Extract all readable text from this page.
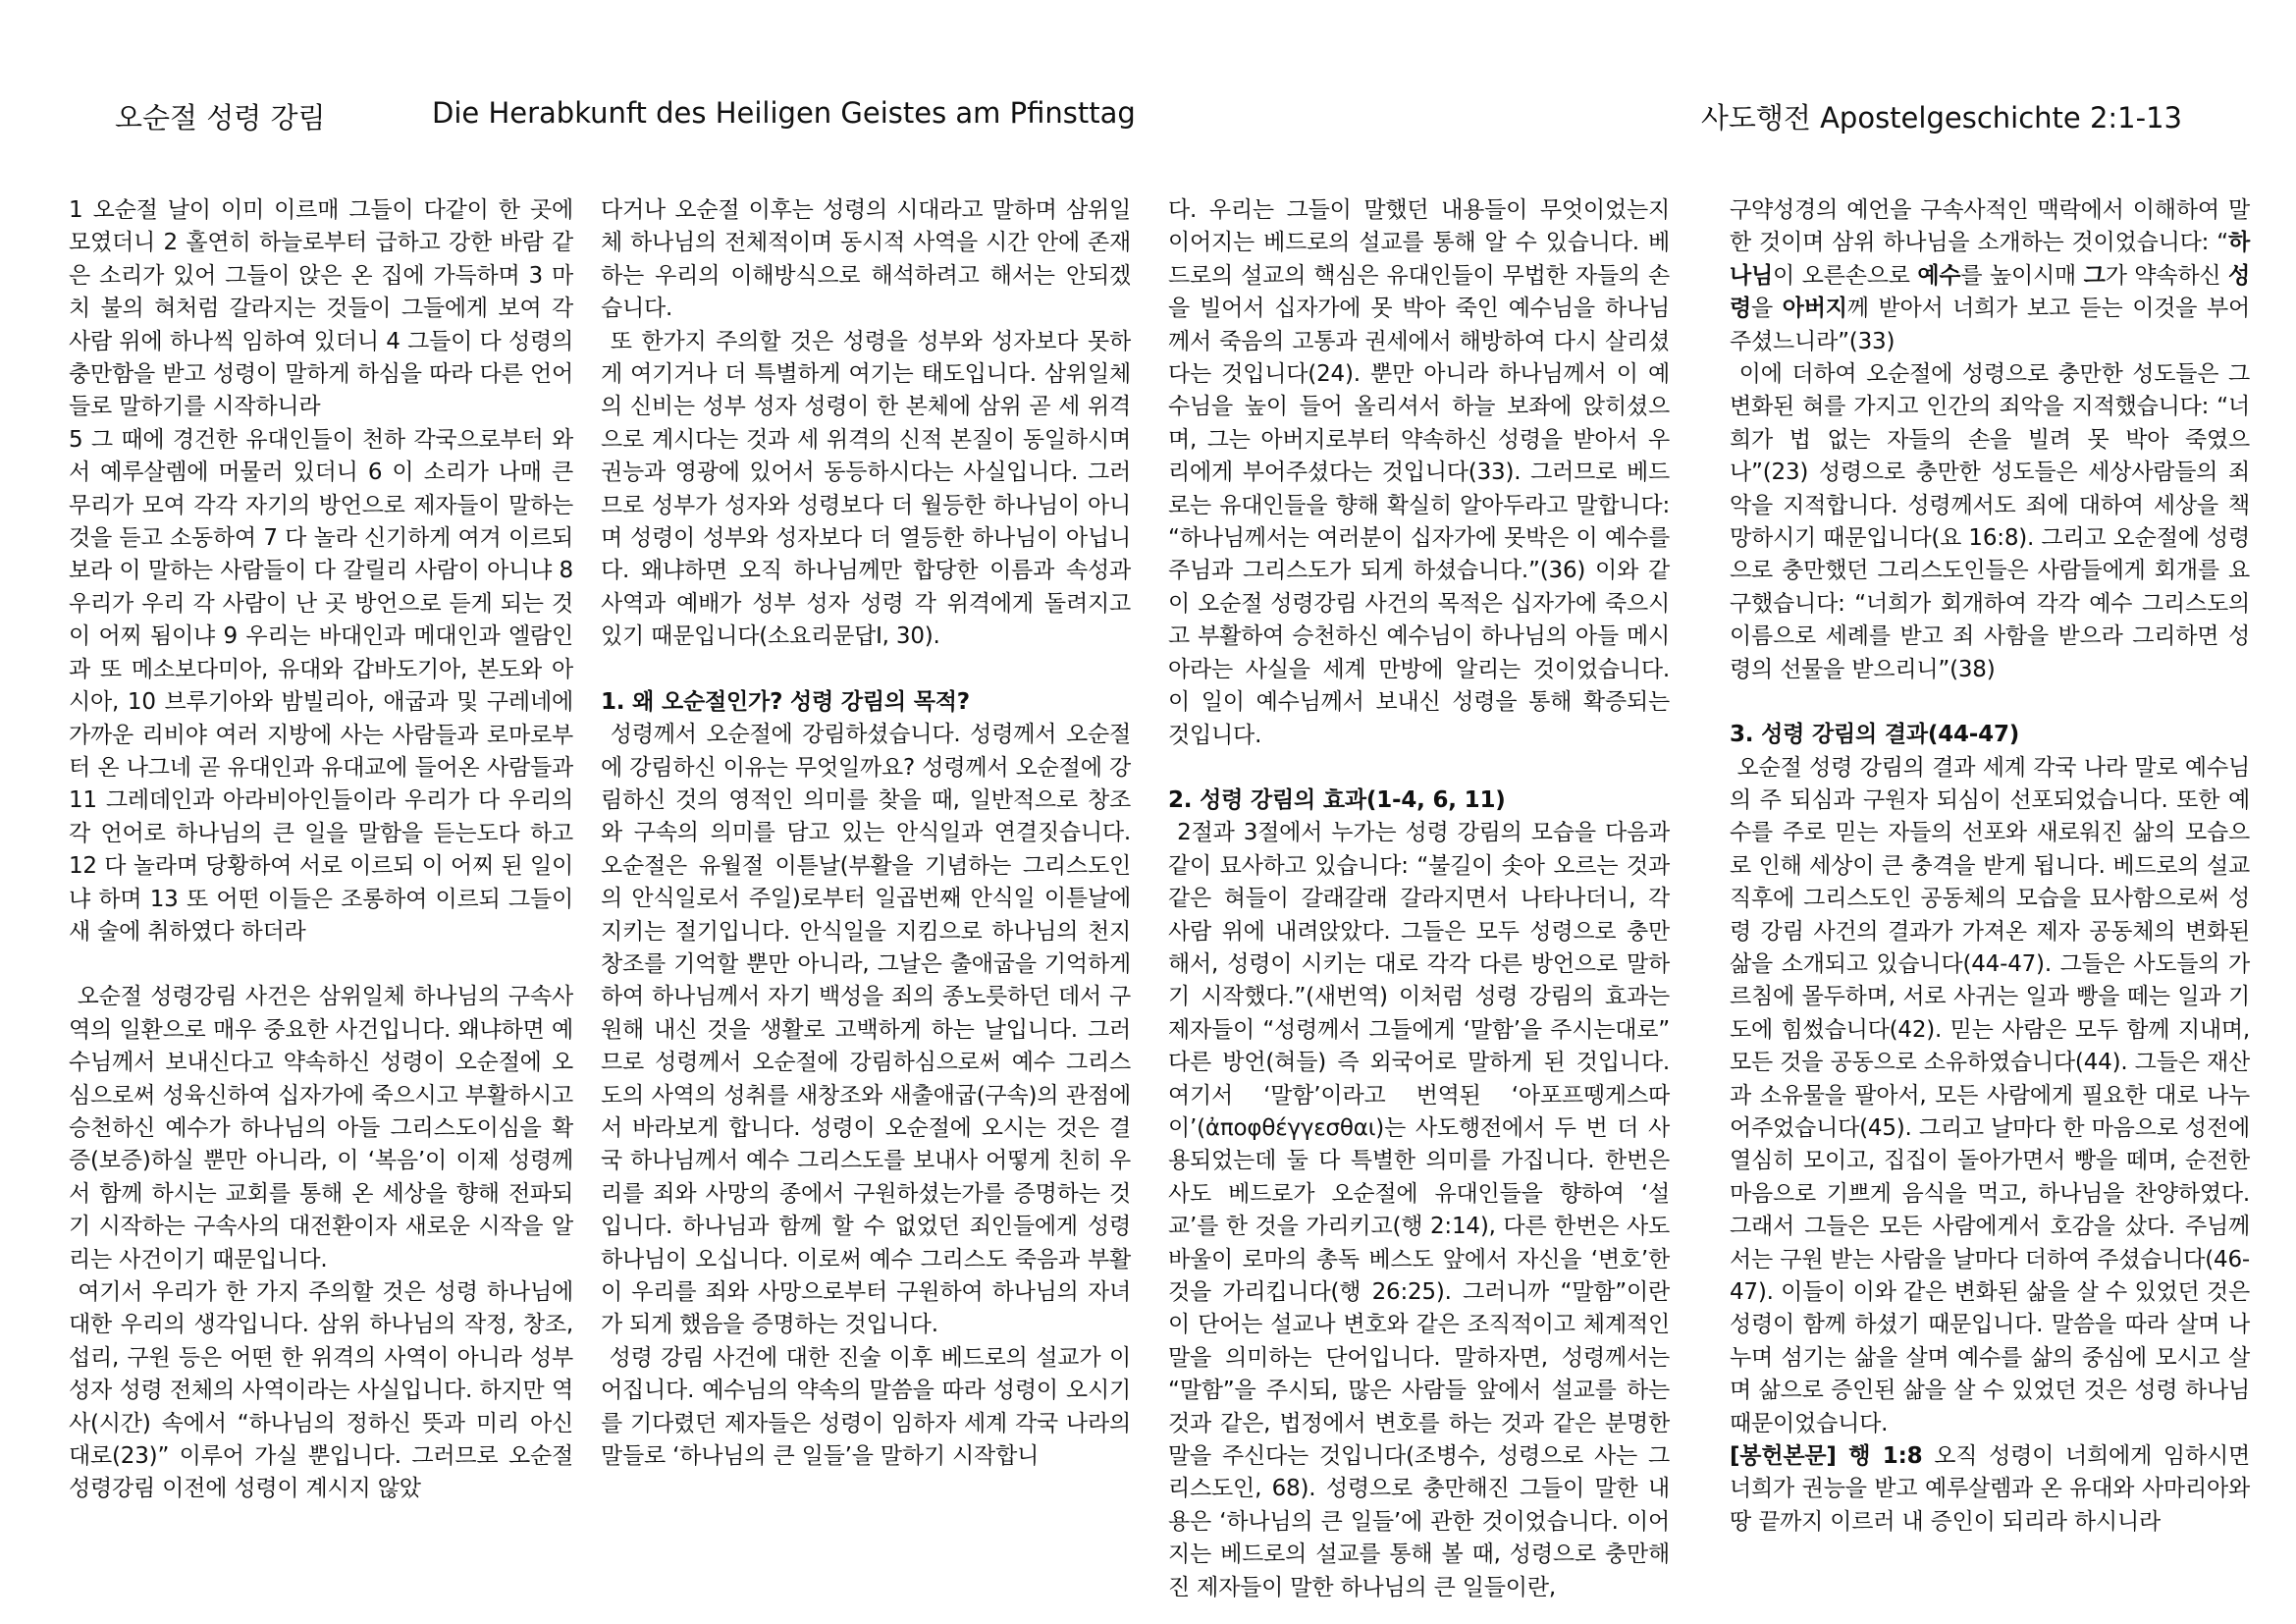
오순절 성령 강림	Die Herabkunft des Heiligen Geistes am Pfinsttag	사도행전 Apostelgeschichte 2:1-13

1 오순절 날이 이미 이르매 그들이 다같이 한 곳에 모였더니 2 홀연히 하늘로부터 급하고 강한 바람 같은 소리가 있어 그들이 앉은 온 집에 가득하며 3 마치 불의 혀처럼 갈라지는 것들이 그들에게 보여 각 사람 위에 하나씩 임하여 있더니 4 그들이 다 성령의 충만함을 받고 성령이 말하게 하심을 따라 다른 언어들로 말하기를 시작하니라

5 그 때에 경건한 유대인들이 천하 각국으로부터 와서 예루살렘에 머물러 있더니 6 이 소리가 나매 큰 무리가 모여 각각 자기의 방언으로 제자들이 말하는 것을 듣고 소동하여 7 다 놀라 신기하게 여겨 이르되 보라 이 말하는 사람들이 다 갈릴리 사람이 아니냐 8 우리가 우리 각 사람이 난 곳 방언으로 듣게 되는 것이 어찌 됨이냐 9 우리는 바대인과 메대인과 엘람인과 또 메소보다미아, 유대와 갑바도기아, 본도와 아시아, 10 브루기아와 밤빌리아, 애굽과 및 구레네에 가까운 리비야 여러 지방에 사는 사람들과 로마로부터 온 나그네 곧 유대인과 유대교에 들어온 사람들과 11 그레데인과 아라비아인들이라 우리가 다 우리의 각 언어로 하나님의 큰 일을 말함을 듣는도다 하고 12 다 놀라며 당황하여 서로 이르되 이 어찌 된 일이냐 하며 13 또 어떤 이들은 조롱하여 이르되 그들이 새 술에 취하였다 하더라

오순절 성령강림 사건은 삼위일체 하나님의 구속사역의 일환으로 매우 중요한 사건입니다. 왜냐하면 예수님께서 보내신다고 약속하신 성령이 오순절에 오심으로써 성육신하여 십자가에 죽으시고 부활하시고 승천하신 예수가 하나님의 아들 그리스도이심을 확증(보증)하실 뿐만 아니라, 이 ‘복음’이 이제 성령께서 함께 하시는 교회를 통해 온 세상을 향해 전파되기 시작하는 구속사의 대전환이자 새로운 시작을 알리는 사건이기 때문입니다.

여기서 우리가 한 가지 주의할 것은 성령 하나님에 대한 우리의 생각입니다. 삼위 하나님의 작정, 창조, 섭리, 구원 등은 어떤 한 위격의 사역이 아니라 성부 성자 성령 전체의 사역이라는 사실입니다. 하지만 역사(시간) 속에서 “하나님의 정하신 뜻과 미리 아신 대로(23)” 이루어 가실 뿐입니다. 그러므로 오순절 성령강림 이전에 성령이 계시지 않았

다거나 오순절 이후는 성령의 시대라고 말하며 삼위일체 하나님의 전체적이며 동시적 사역을 시간 안에 존재하는 우리의 이해방식으로 해석하려고 해서는 안되겠습니다.

또 한가지 주의할 것은 성령을 성부와 성자보다 못하게 여기거나 더 특별하게 여기는 태도입니다. 삼위일체의 신비는 성부 성자 성령이 한 본체에 삼위 곧 세 위격으로 계시다는 것과 세 위격의 신적 본질이 동일하시며 권능과 영광에 있어서 동등하시다는 사실입니다. 그러므로 성부가 성자와 성령보다 더 월등한 하나님이 아니며 성령이 성부와 성자보다 더 열등한 하나님이 아닙니다. 왜냐하면 오직 하나님께만 합당한 이름과 속성과 사역과 예배가 성부 성자 성령 각 위격에게 돌려지고 있기 때문입니다(소요리문답Ⅰ, 30).

1. 왜 오순절인가? 성령 강림의 목적?

성령께서 오순절에 강림하셨습니다. 성령께서 오순절에 강림하신 이유는 무엇일까요? 성령께서 오순절에 강림하신 것의 영적인 의미를 찾을 때, 일반적으로 창조와 구속의 의미를 담고 있는 안식일과 연결짓습니다. 오순절은 유월절 이튿날(부활을 기념하는 그리스도인의 안식일로서 주일)로부터 일곱번째 안식일 이튿날에 지키는 절기입니다. 안식일을 지킴으로 하나님의 천지창조를 기억할 뿐만 아니라, 그날은 출애굽을 기억하게 하여 하나님께서 자기 백성을 죄의 종노릇하던 데서 구원해 내신 것을 생활로 고백하게 하는 날입니다. 그러므로 성령께서 오순절에 강림하심으로써 예수 그리스도의 사역의 성취를 새창조와 새출애굽(구속)의 관점에서 바라보게 합니다. 성령이 오순절에 오시는 것은 결국 하나님께서 예수 그리스도를 보내사 어떻게 친히 우리를 죄와 사망의 종에서 구원하셨는가를 증명하는 것입니다. 하나님과 함께 할 수 없었던 죄인들에게 성령 하나님이 오십니다. 이로써 예수 그리스도 죽음과 부활이 우리를 죄와 사망으로부터 구원하여 하나님의 자녀가 되게 했음을 증명하는 것입니다.

성령 강림 사건에 대한 진술 이후 베드로의 설교가 이어집니다. 예수님의 약속의 말씀을 따라 성령이 오시기를 기다렸던 제자들은 성령이 임하자 세계 각국 나라의 말들로 ‘하나님의 큰 일들’을 말하기 시작합니

다. 우리는 그들이 말했던 내용들이 무엇이었는지 이어지는 베드로의 설교를 통해 알 수 있습니다. 베드로의 설교의 핵심은 유대인들이 무법한 자들의 손을 빌어서 십자가에 못 박아 죽인 예수님을 하나님께서 죽음의 고통과 권세에서 해방하여 다시 살리셨다는 것입니다(24). 뿐만 아니라 하나님께서 이 예수님을 높이 들어 올리셔서 하늘 보좌에 앉히셨으며, 그는 아버지로부터 약속하신 성령을 받아서 우리에게 부어주셨다는 것입니다(33). 그러므로 베드로는 유대인들을 향해 확실히 알아두라고 말합니다: “하나님께서는 여러분이 십자가에 못박은 이 예수를 주님과 그리스도가 되게 하셨습니다.”(36) 이와 같이 오순절 성령강림 사건의 목적은 십자가에 죽으시고 부활하여 승천하신 예수님이 하나님의 아들 메시아라는 사실을 세계 만방에 알리는 것이었습니다. 이 일이 예수님께서 보내신 성령을 통해 확증되는 것입니다.

2. 성령 강림의 효과(1-4, 6, 11)

2절과 3절에서 누가는 성령 강림의 모습을 다음과 같이 묘사하고 있습니다: “불길이 솟아 오르는 것과 같은 혀들이 갈래갈래 갈라지면서 나타나더니, 각 사람 위에 내려앉았다. 그들은 모두 성령으로 충만해서, 성령이 시키는 대로 각각 다른 방언으로 말하기 시작했다.”(새번역) 이처럼 성령 강림의 효과는 제자들이 “성령께서 그들에게 ‘말함’을 주시는대로” 다른 방언(혀들) 즉 외국어로 말하게 된 것입니다. 여기서 ‘말함’이라고 번역된 ‘아포프뗑게스따이’(ἀποφθέγγεσθαι)는 사도행전에서 두 번 더 사용되었는데 둘 다 특별한 의미를 가집니다. 한번은 사도 베드로가 오순절에 유대인들을 향하여 ‘설교’를 한 것을 가리키고(행 2:14), 다른 한번은 사도 바울이 로마의 총독 베스도 앞에서 자신을 ‘변호’한 것을 가리킵니다(행 26:25). 그러니까 “말함”이란 이 단어는 설교나 변호와 같은 조직적이고 체계적인 말을 의미하는 단어입니다. 말하자면, 성령께서는 “말함”을 주시되, 많은 사람들 앞에서 설교를 하는 것과 같은, 법정에서 변호를 하는 것과 같은 분명한 말을 주신다는 것입니다(조병수, 성령으로 사는 그리스도인, 68). 성령으로 충만해진 그들이 말한 내용은 ‘하나님의 큰 일들’에 관한 것이었습니다. 이어지는 베드로의 설교를 통해 볼 때, 성령으로 충만해진 제자들이 말한 하나님의 큰 일들이란,

구약성경의 예언을 구속사적인 맥락에서 이해하여 말한 것이며 삼위 하나님을 소개하는 것이었습니다: “하나님이 오른손으로 예수를 높이시매 그가 약속하신 성령을 아버지께 받아서 너희가 보고 듣는 이것을 부어 주셨느니라”(33)

이에 더하여 오순절에 성령으로 충만한 성도들은 그 변화된 혀를 가지고 인간의 죄악을 지적했습니다: “너희가 법 없는 자들의 손을 빌려 못 박아 죽였으나”(23) 성령으로 충만한 성도들은 세상사람들의 죄악을 지적합니다. 성령께서도 죄에 대하여 세상을 책망하시기 때문입니다(요 16:8). 그리고 오순절에 성령으로 충만했던 그리스도인들은 사람들에게 회개를 요구했습니다: “너희가 회개하여 각각 예수 그리스도의 이름으로 세례를 받고 죄 사함을 받으라 그리하면 성령의 선물을 받으리니”(38)

3. 성령 강림의 결과(44-47)

오순절 성령 강림의 결과 세계 각국 나라 말로 예수님의 주 되심과 구원자 되심이 선포되었습니다. 또한 예수를 주로 믿는 자들의 선포와 새로워진 삶의 모습으로 인해 세상이 큰 충격을 받게 됩니다. 베드로의 설교 직후에 그리스도인 공동체의 모습을 묘사함으로써 성령 강림 사건의 결과가 가져온 제자 공동체의 변화된 삶을 소개되고 있습니다(44-47). 그들은 사도들의 가르침에 몰두하며, 서로 사귀는 일과 빵을 떼는 일과 기도에 힘썼습니다(42). 믿는 사람은 모두 함께 지내며, 모든 것을 공동으로 소유하였습니다(44). 그들은 재산과 소유물을 팔아서, 모든 사람에게 필요한 대로 나누어주었습니다(45). 그리고 날마다 한 마음으로 성전에 열심히 모이고, 집집이 돌아가면서 빵을 떼며, 순전한 마음으로 기쁘게 음식을 먹고, 하나님을 찬양하였다. 그래서 그들은 모든 사람에게서 호감을 샀다. 주님께서는 구원 받는 사람을 날마다 더하여 주셨습니다(46-47). 이들이 이와 같은 변화된 삶을 살 수 있었던 것은 성령이 함께 하셨기 때문입니다. 말씀을 따라 살며 나누며 섬기는 삶을 살며 예수를 삶의 중심에 모시고 살며 삶으로 증인된 삶을 살 수 있었던 것은 성령 하나님 때문이었습니다.

[봉헌본문] 행 1:8 오직 성령이 너희에게 임하시면 너희가 권능을 받고 예루살렘과 온 유대와 사마리아와 땅 끝까지 이르러 내 증인이 되리라 하시니라
